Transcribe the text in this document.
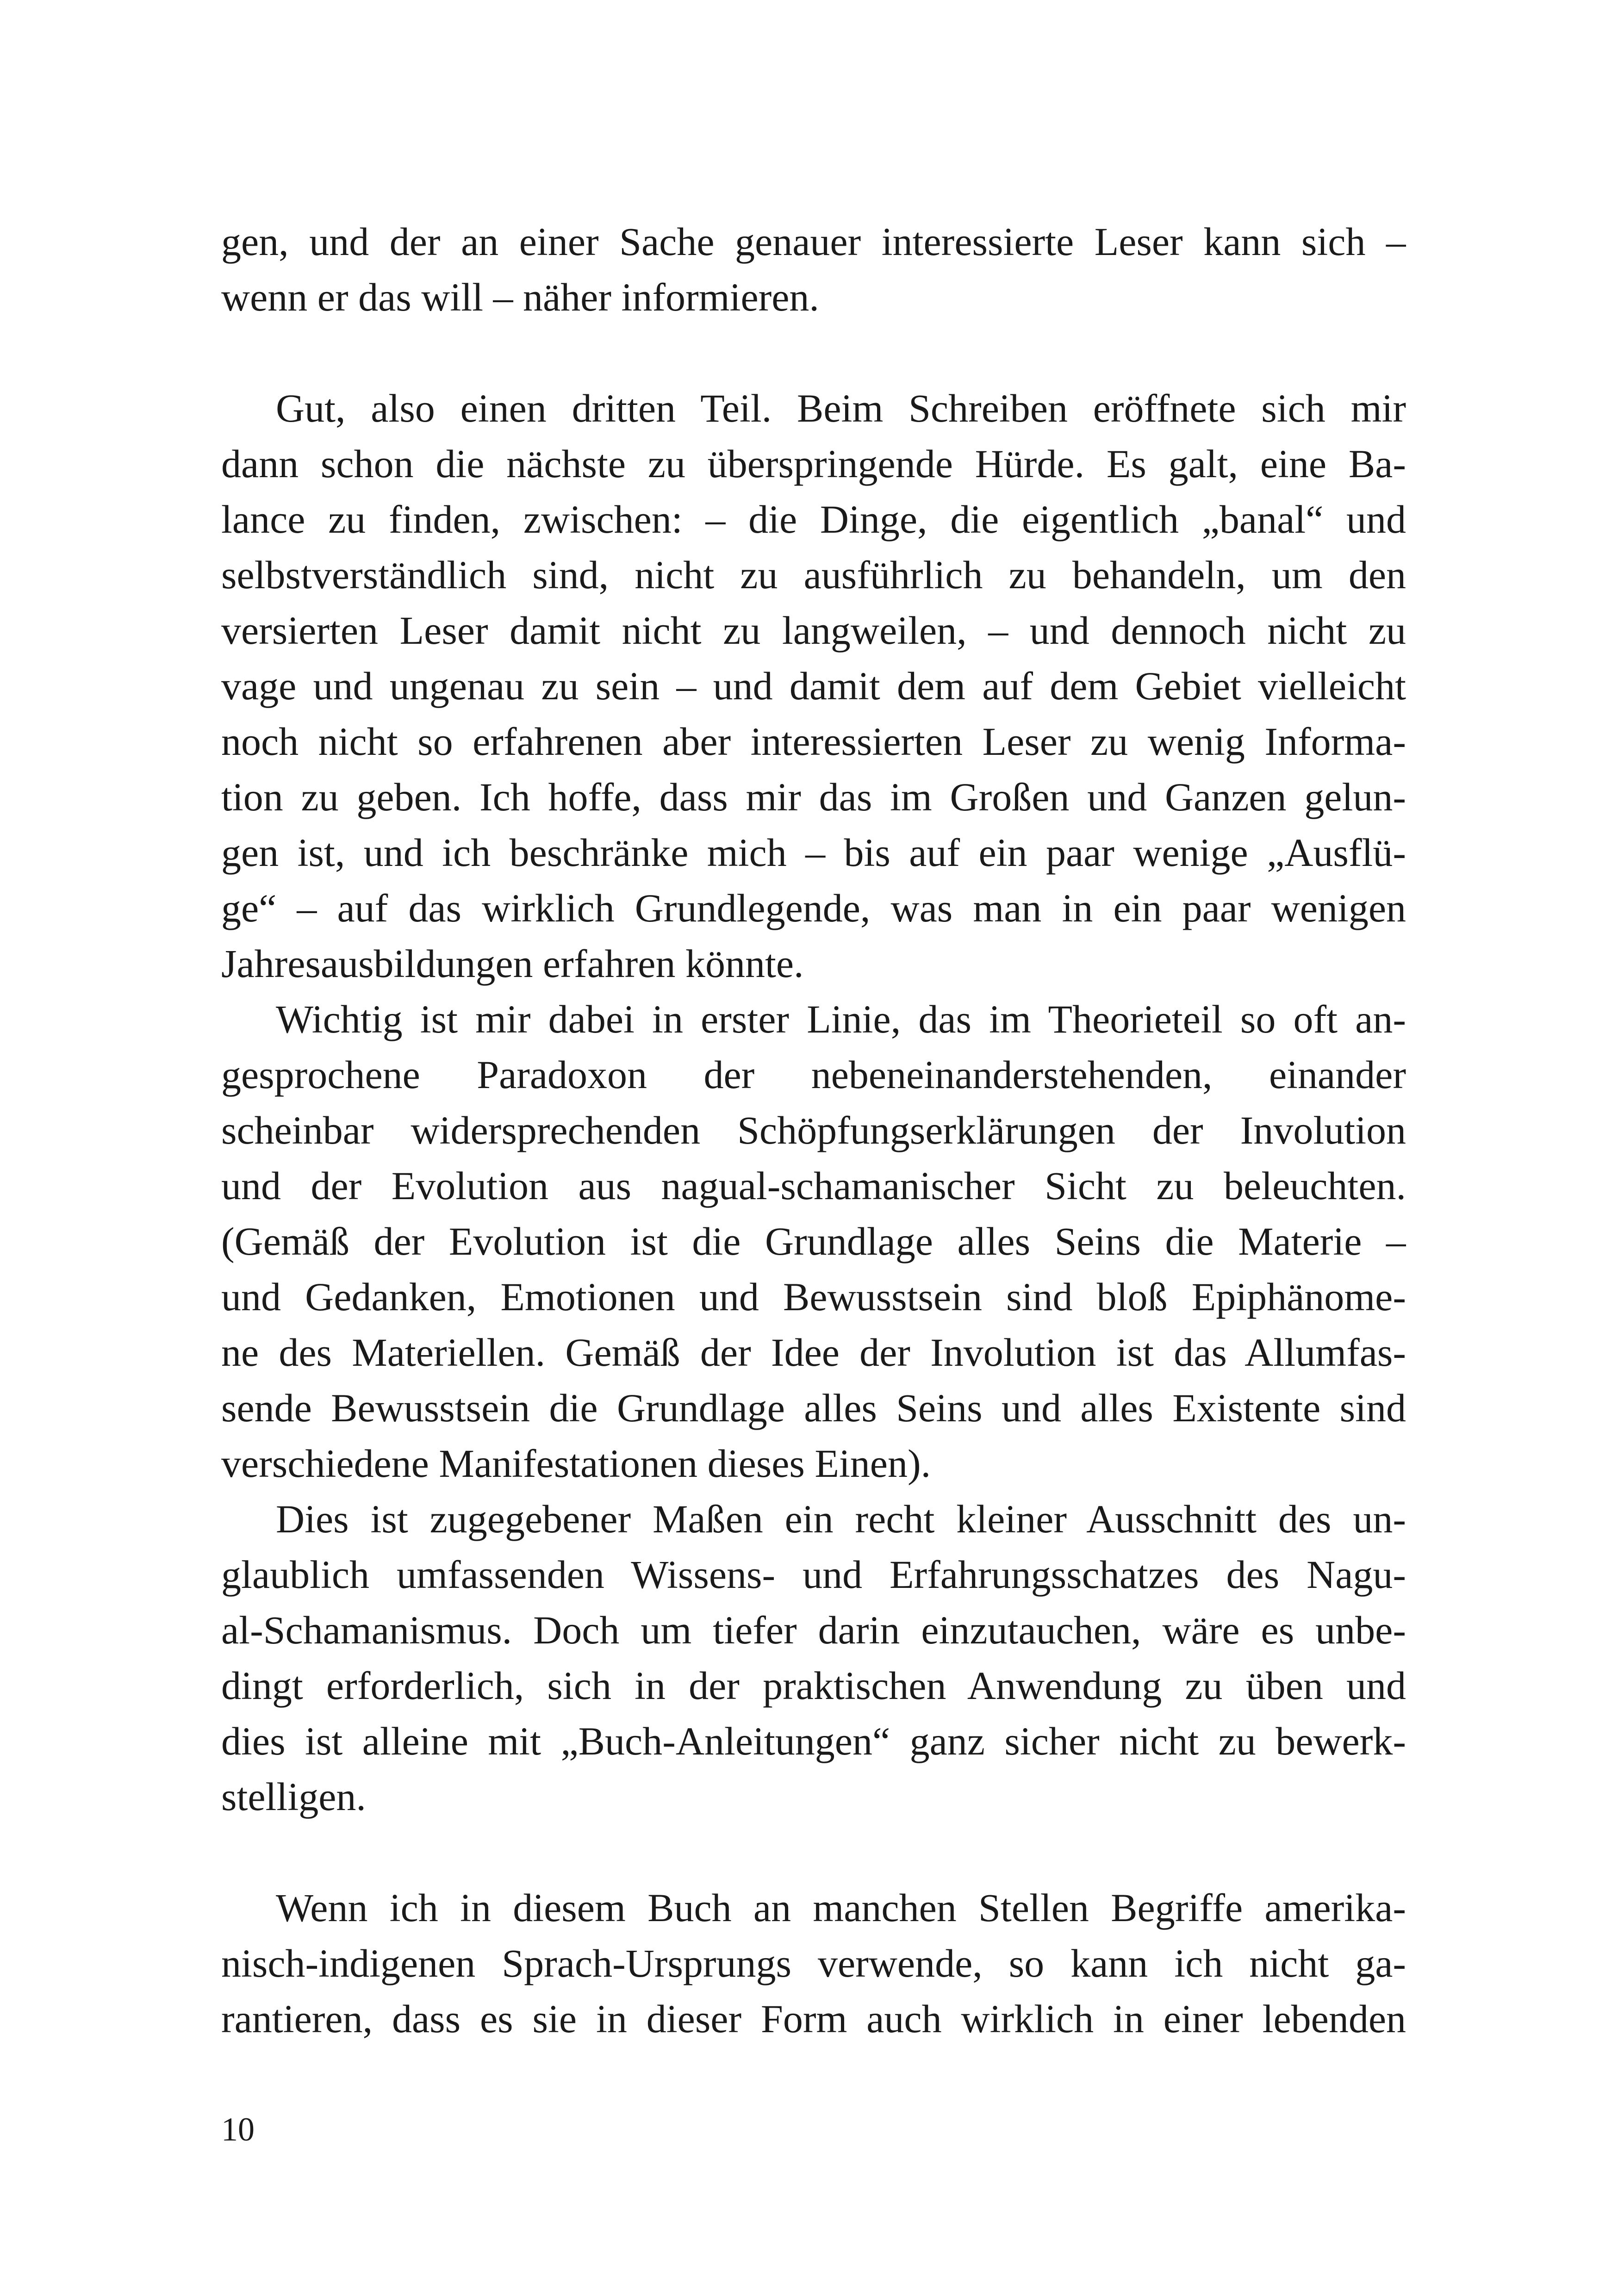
gen, und der an einer Sache genauer interessierte Leser kann sich –
wenn er das will – näher informieren.
Gut, also einen dritten Teil. Beim Schreiben eröffnete sich mir
dann schon die nächste zu überspringende Hürde. Es galt, eine Ba-
lance zu finden, zwischen: – die Dinge, die eigentlich „banal“ und
selbstverständlich sind, nicht zu ausführlich zu behandeln, um den
versierten Leser damit nicht zu langweilen, – und dennoch nicht zu
vage und ungenau zu sein – und damit dem auf dem Gebiet vielleicht
noch nicht so erfahrenen aber interessierten Leser zu wenig Informa-
tion zu geben. Ich hoffe, dass mir das im Großen und Ganzen gelun-
gen ist, und ich beschränke mich – bis auf ein paar wenige „Ausflü-
ge“ – auf das wirklich Grundlegende, was man in ein paar wenigen
Jahresausbildungen erfahren könnte.
Wichtig ist mir dabei in erster Linie, das im Theorieteil so oft an-
gesprochene Paradoxon der nebeneinanderstehenden, einander
scheinbar widersprechenden Schöpfungserklärungen der Involution
und der Evolution aus nagual-schamanischer Sicht zu beleuchten.
(Gemäß der Evolution ist die Grundlage alles Seins die Materie –
und Gedanken, Emotionen und Bewusstsein sind bloß Epiphänome-
ne des Materiellen. Gemäß der Idee der Involution ist das Allumfas-
sende Bewusstsein die Grundlage alles Seins und alles Existente sind
verschiedene Manifestationen dieses Einen).
Dies ist zugegebener Maßen ein recht kleiner Ausschnitt des un-
glaublich umfassenden Wissens- und Erfahrungsschatzes des Nagu-
al-Schamanismus. Doch um tiefer darin einzutauchen, wäre es unbe-
dingt erforderlich, sich in der praktischen Anwendung zu üben und
dies ist alleine mit „Buch-Anleitungen“ ganz sicher nicht zu bewerk-
stelligen.
Wenn ich in diesem Buch an manchen Stellen Begriffe amerika-
nisch-indigenen Sprach-Ursprungs verwende, so kann ich nicht ga-
rantieren, dass es sie in dieser Form auch wirklich in einer lebenden
10
